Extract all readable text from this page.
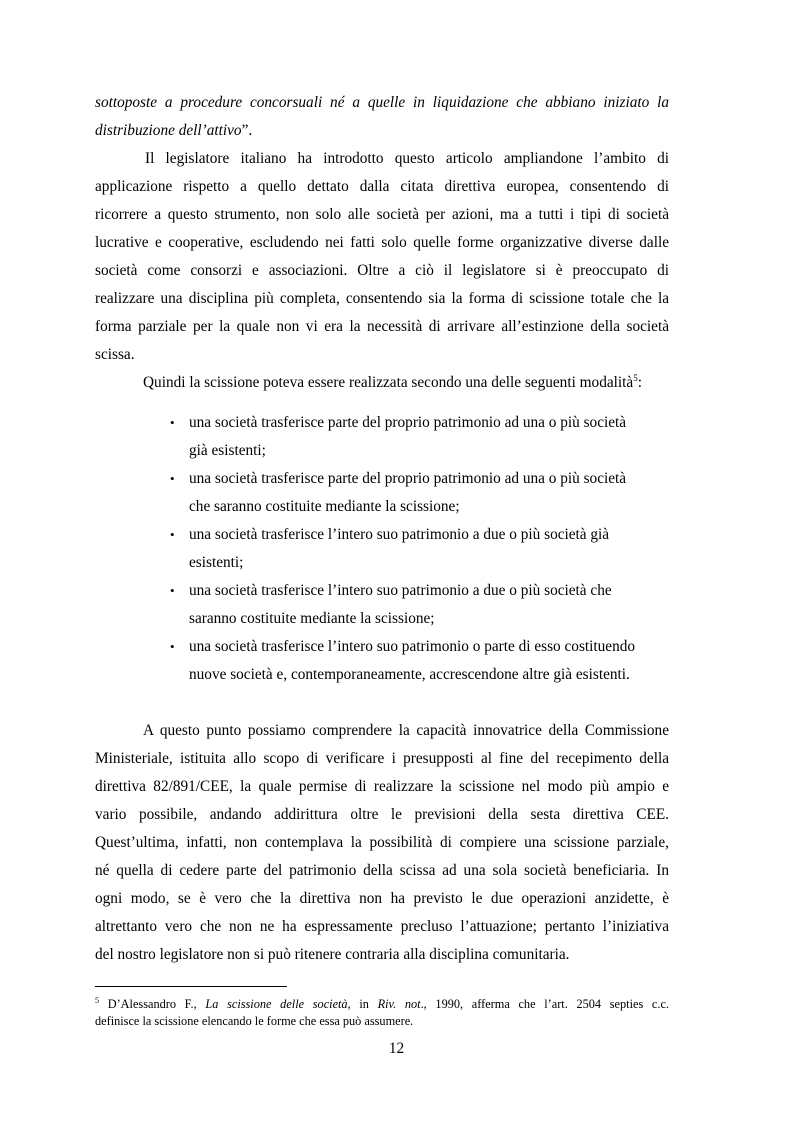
sottoposte a procedure concorsuali né a quelle in liquidazione che abbiano iniziato la
distribuzione dell’attivo”.
Il legislatore italiano ha introdotto questo articolo ampliandone l’ambito di
applicazione rispetto a quello dettato dalla citata direttiva europea, consentendo di
ricorrere a questo strumento, non solo alle società per azioni, ma a tutti i tipi di società
lucrative e cooperative, escludendo nei fatti solo quelle forme organizzative diverse dalle
società come consorzi e associazioni. Oltre a ciò il legislatore si è preoccupato di
realizzare una disciplina più completa, consentendo sia la forma di scissione totale che la
forma parziale per la quale non vi era la necessità di arrivare all’estinzione della società
scissa.
Quindi la scissione poteva essere realizzata secondo una delle seguenti modalità$^5$:
• una società trasferisce parte del proprio patrimonio ad una o più società
già esistenti;
• una società trasferisce parte del proprio patrimonio ad una o più società
che saranno costituite mediante la scissione;
• una società trasferisce l’intero suo patrimonio a due o più società già
esistenti;
• una società trasferisce l’intero suo patrimonio a due o più società che
saranno costituite mediante la scissione;
• una società trasferisce l’intero suo patrimonio o parte di esso costituendo
nuove società e, contemporaneamente, accrescendone altre già esistenti.
A questo punto possiamo comprendere la capacità innovatrice della Commissione
Ministeriale, istituita allo scopo di verificare i presupposti al fine del recepimento della
direttiva 82/891/CEE, la quale permise di realizzare la scissione nel modo più ampio e
vario possibile, andando addirittura oltre le previsioni della sesta direttiva CEE.
Quest’ultima, infatti, non contemplava la possibilità di compiere una scissione parziale,
né quella di cedere parte del patrimonio della scissa ad una sola società beneficiaria. In
ogni modo, se è vero che la direttiva non ha previsto le due operazioni anzidette, è
altrettanto vero che non ne ha espressamente precluso l’attuazione; pertanto l’iniziativa
del nostro legislatore non si può ritenere contraria alla disciplina comunitaria.
$^5$ D’Alessandro F., La scissione delle società, in Riv. not., 1990, afferma che l’art. 2504 septies c.c.
definisce la scissione elencando le forme che essa può assumere.
12
